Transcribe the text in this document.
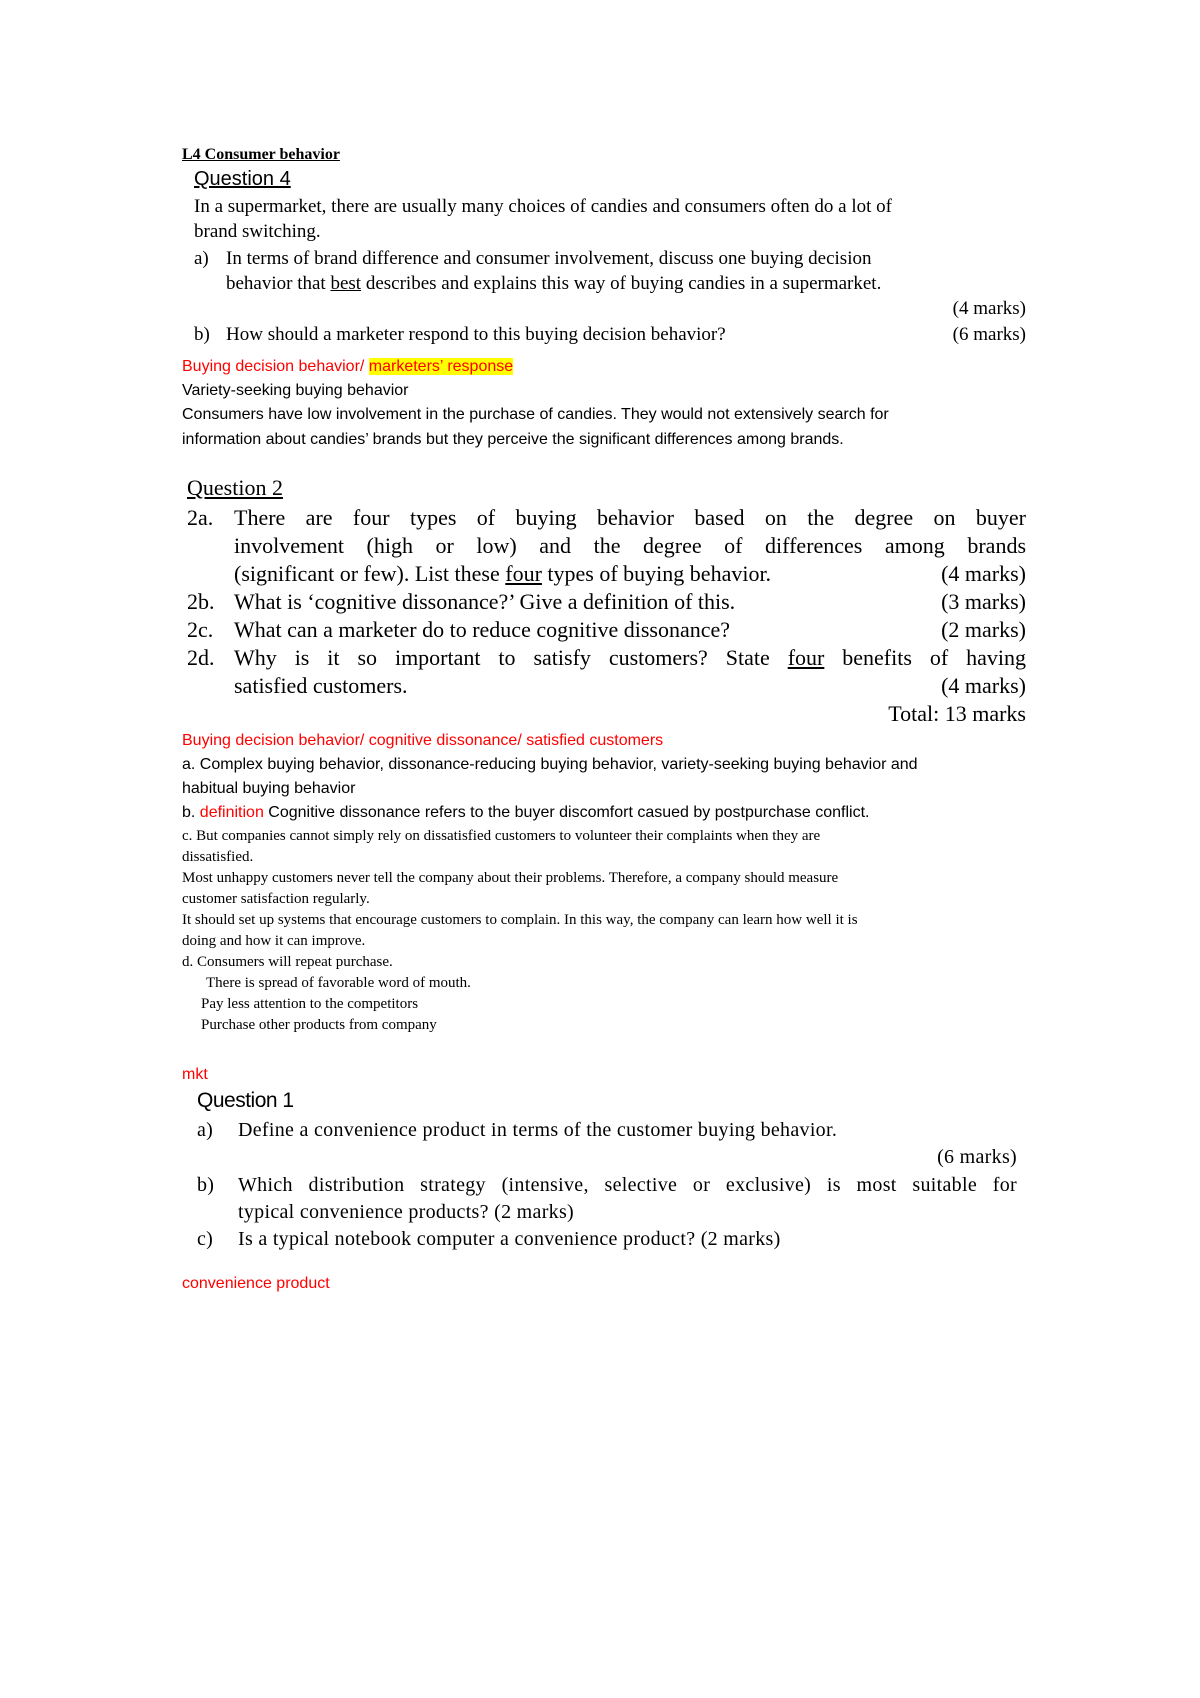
L4 Consumer behavior
Question 4
In a supermarket, there are usually many choices of candies and consumers often do a lot of
brand switching.
a) In terms of brand difference and consumer involvement, discuss one buying decision
behavior that best describes and explains this way of buying candies in a supermarket.
(4 marks)
b) How should a marketer respond to this buying decision behavior?	(6 marks)
Buying decision behavior/ marketers’ response
Variety-seeking buying behavior
Consumers have low involvement in the purchase of candies. They would not extensively search for
information about candies’ brands but they perceive the significant differences among brands.
Question 2
2a. There are four types of buying behavior based on the degree on buyer
involvement (high or low) and the degree of differences among brands
(significant or few). List these four types of buying behavior.	(4 marks)
2b. What is ‘cognitive dissonance?’ Give a definition of this.	(3 marks)
2c. What can a marketer do to reduce cognitive dissonance?	(2 marks)
2d. Why is it so important to satisfy customers? State four benefits of having
satisfied customers.	(4 marks)
Total: 13 marks
Buying decision behavior/ cognitive dissonance/ satisfied customers
a. Complex buying behavior, dissonance-reducing buying behavior, variety-seeking buying behavior and
habitual buying behavior
b. definition Cognitive dissonance refers to the buyer discomfort casued by postpurchase conflict.
c. But companies cannot simply rely on dissatisfied customers to volunteer their complaints when they are
dissatisfied.
Most unhappy customers never tell the company about their problems. Therefore, a company should measure
customer satisfaction regularly.
It should set up systems that encourage customers to complain. In this way, the company can learn how well it is
doing and how it can improve.
d. Consumers will repeat purchase.
There is spread of favorable word of mouth.
Pay less attention to the competitors
Purchase other products from company
mkt
Question 1
a) Define a convenience product in terms of the customer buying behavior.
(6 marks)
b) Which distribution strategy (intensive, selective or exclusive) is most suitable for
typical convenience products? (2 marks)
c) Is a typical notebook computer a convenience product? (2 marks)
convenience product
